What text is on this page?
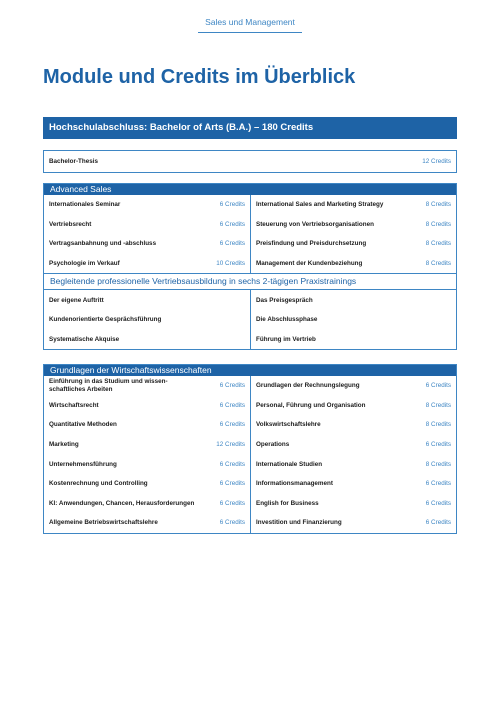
Sales und Management
Module und Credits im Überblick
Hochschulabschluss: Bachelor of Arts (B.A.) – 180 Credits
Bachelor-Thesis	12 Credits
Advanced Sales
Internationales Seminar	6 Credits
Vertriebsrecht	6 Credits
Vertragsanbahnung und -abschluss	6 Credits
Psychologie im Verkauf	10 Credits
International Sales and Marketing Strategy	8 Credits
Steuerung von Vertriebsorganisationen	8 Credits
Preisfindung und Preisdurchsetzung	8 Credits
Management der Kundenbeziehung	8 Credits
Begleitende professionelle Vertriebsausbildung in sechs 2-tägigen Praxistrainings
Der eigene Auftritt
Kundenorientierte Gesprächsführung
Systematische Akquise
Das Preisgespräch
Die Abschlussphase
Führung im Vertrieb
Grundlagen der Wirtschaftswissenschaften
Einführung in das Studium und wissen-schaftliches Arbeiten	6 Credits
Wirtschaftsrecht	6 Credits
Quantitative Methoden	6 Credits
Marketing	12 Credits
Unternehmensführung	6 Credits
Kostenrechnung und Controlling	6 Credits
KI: Anwendungen, Chancen, Herausforderungen	6 Credits
Allgemeine Betriebswirtschaftslehre	6 Credits
Grundlagen der Rechnungslegung	6 Credits
Personal, Führung und Organisation	8 Credits
Volkswirtschaftslehre	8 Credits
Operations	6 Credits
Internationale Studien	8 Credits
Informationsmanagement	6 Credits
English for Business	6 Credits
Investition und Finanzierung	6 Credits
